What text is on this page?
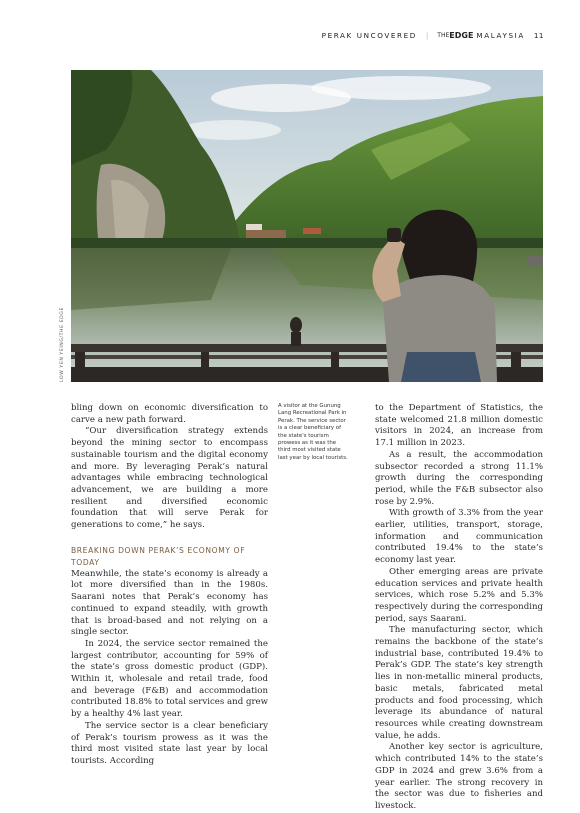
PERAK UNCOVERED | THE EDGE MALAYSIA 11
LOW YEN YEING/THE EDGE

bling down on economic diversification to carve a new path forward.

“Our diversification strategy extends beyond the mining sector to encompass sustainable tourism and the digital economy and more. By leveraging Perak’s natural advantages while embracing technological advancement, we are building a more resilient and diversified economic foundation that will serve Perak for generations to come,” he says.

BREAKING DOWN PERAK’S ECONOMY OF TODAY

Meanwhile, the state’s economy is already a lot more diversified than in the 1980s. Saarani notes that Perak’s economy has continued to expand steadily, with growth that is broad-based and not relying on a single sector.

In 2024, the service sector remained the largest contributor, accounting for 59% of the state’s gross domestic product (GDP). Within it, wholesale and retail trade, food and beverage (F&B) and accommodation contributed 18.8% to total services and grew by a healthy 4% last year.

The service sector is a clear beneficiary of Perak’s tourism prowess as it was the third most visited state last year by local tourists. According

A visitor at the Gunung Lang Recreational Park in Perak. The service sector is a clear beneficiary of the state's tourism prowess as it was the third most visited state last year by local tourists.

to the Department of Statistics, the state welcomed 21.8 million domestic visitors in 2024, an increase from 17.1 million in 2023.

As a result, the accommodation subsector recorded a strong 11.1% growth during the corresponding period, while the F&B subsector also rose by 2.9%.

With growth of 3.3% from the year earlier, utilities, transport, storage, information and communication contributed 19.4% to the state’s economy last year.

Other emerging areas are private education services and private health services, which rose 5.2% and 5.3% respectively during the corresponding period, says Saarani.

The manufacturing sector, which remains the backbone of the state’s industrial base, contributed 19.4% to Perak’s GDP. The state’s key strength lies in non-metallic mineral products, basic metals, fabricated metal products and food processing, which leverage its abundance of natural resources while creating downstream value, he adds.

Another key sector is agriculture, which contributed 14% to the state’s GDP in 2024 and grew 3.6% from a year earlier. The strong recovery in the sector was due to fisheries and livestock.
